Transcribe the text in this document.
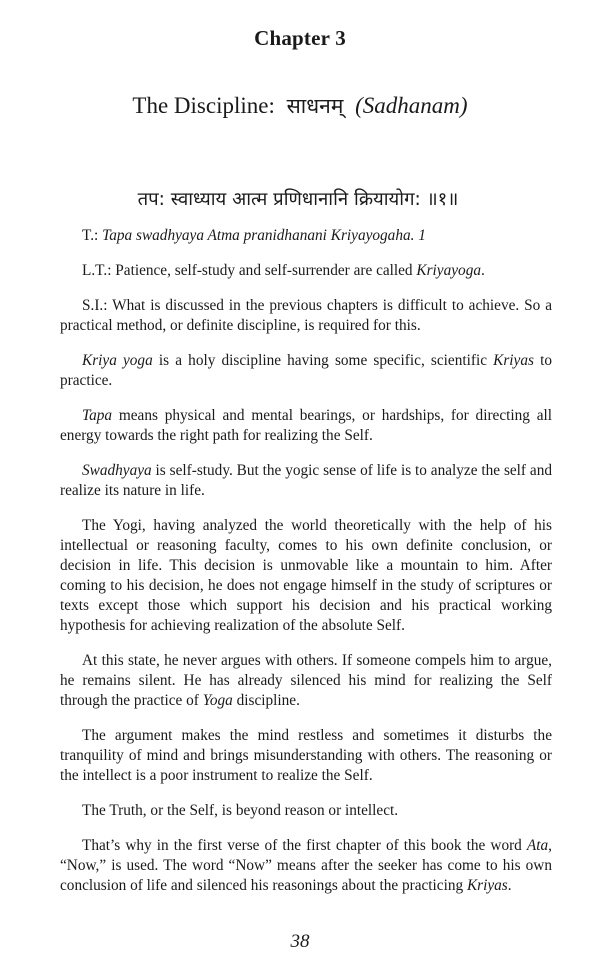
Chapter 3
The Discipline: साधनम् (Sadhanam)
तप: स्वाध्याय आत्म प्रणिधानानि क्रियायोग: ॥१॥

T.: Tapa swadhyaya Atma pranidhanani Kriyayogaha. 1

L.T.: Patience, self-study and self-surrender are called Kriyayoga.

S.I.: What is discussed in the previous chapters is difficult to achieve. So a practical method, or definite discipline, is required for this.

Kriya yoga is a holy discipline having some specific, scientific Kriyas to practice.

Tapa means physical and mental bearings, or hardships, for directing all energy towards the right path for realizing the Self.

Swadhyaya is self-study. But the yogic sense of life is to analyze the self and realize its nature in life.

The Yogi, having analyzed the world theoretically with the help of his intellectual or reasoning faculty, comes to his own definite conclusion, or decision in life. This decision is unmovable like a mountain to him. After coming to his decision, he does not engage himself in the study of scriptures or texts except those which support his decision and his practical working hypothesis for achieving realization of the absolute Self.

At this state, he never argues with others. If someone compels him to argue, he remains silent. He has already silenced his mind for realizing the Self through the practice of Yoga discipline.

The argument makes the mind restless and sometimes it disturbs the tranquility of mind and brings misunderstanding with others. The reasoning or the intellect is a poor instrument to realize the Self.

The Truth, or the Self, is beyond reason or intellect.

That’s why in the first verse of the first chapter of this book the word Ata, “Now,” is used. The word “Now” means after the seeker has come to his own conclusion of life and silenced his reasonings about the practicing Kriyas.

38
